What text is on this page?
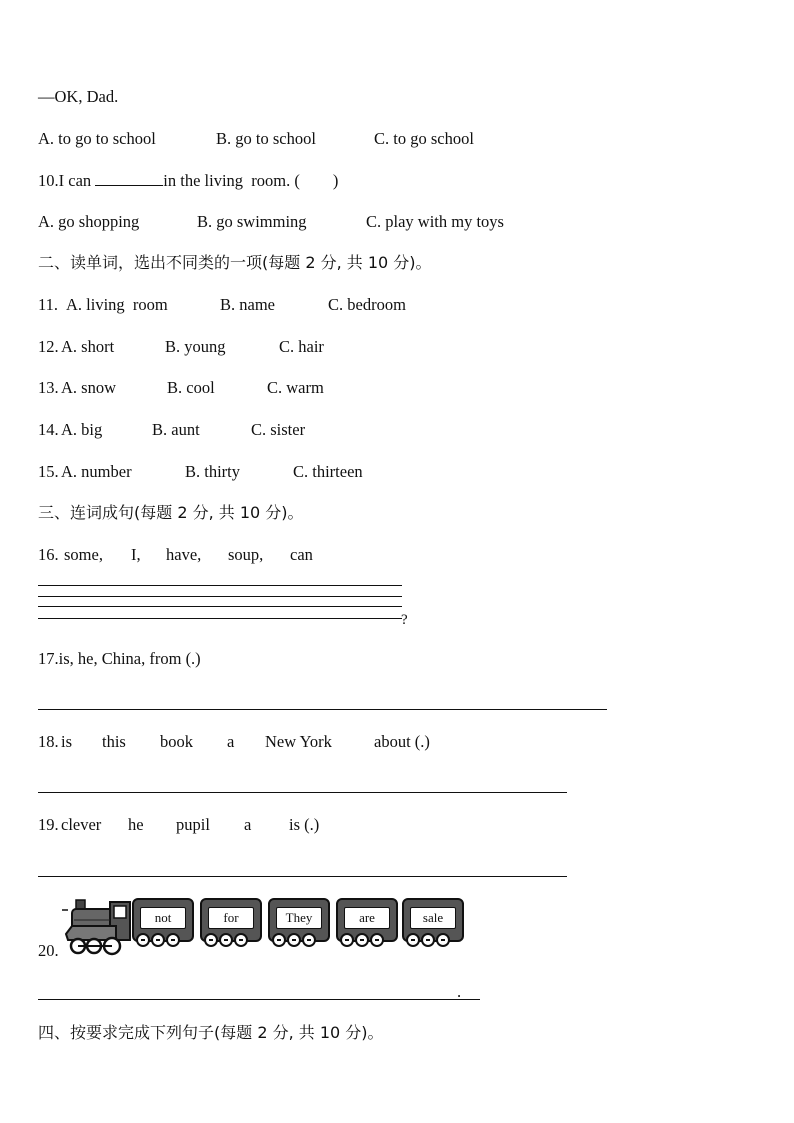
—OK, Dad.
A. to go to school	B. go to school	C. to go school
10.I can	in the living  room. (        )
A. go shopping	B. go swimming	C. play with my toys
二、读单词，选出不同类的一项(每题 2 分, 共 10 分)。
11. A. living  room	B. name	C. bedroom
12. A. short	B. young	C. hair
13. A. snow	B. cool	C. warm
14. A. big	B. aunt	C. sister
15. A. number	B. thirty	C. thirteen
三、连词成句(每题 2 分, 共 10 分)。
16. some, I, have, soup, can
?
17.is, he, China, from (.)
18. is this book a New York	about (.)
19. clever he pupil a is (.)
20.
not	for	They	are	sale
.
四、按要求完成下列句子(每题 2 分, 共 10 分)。
